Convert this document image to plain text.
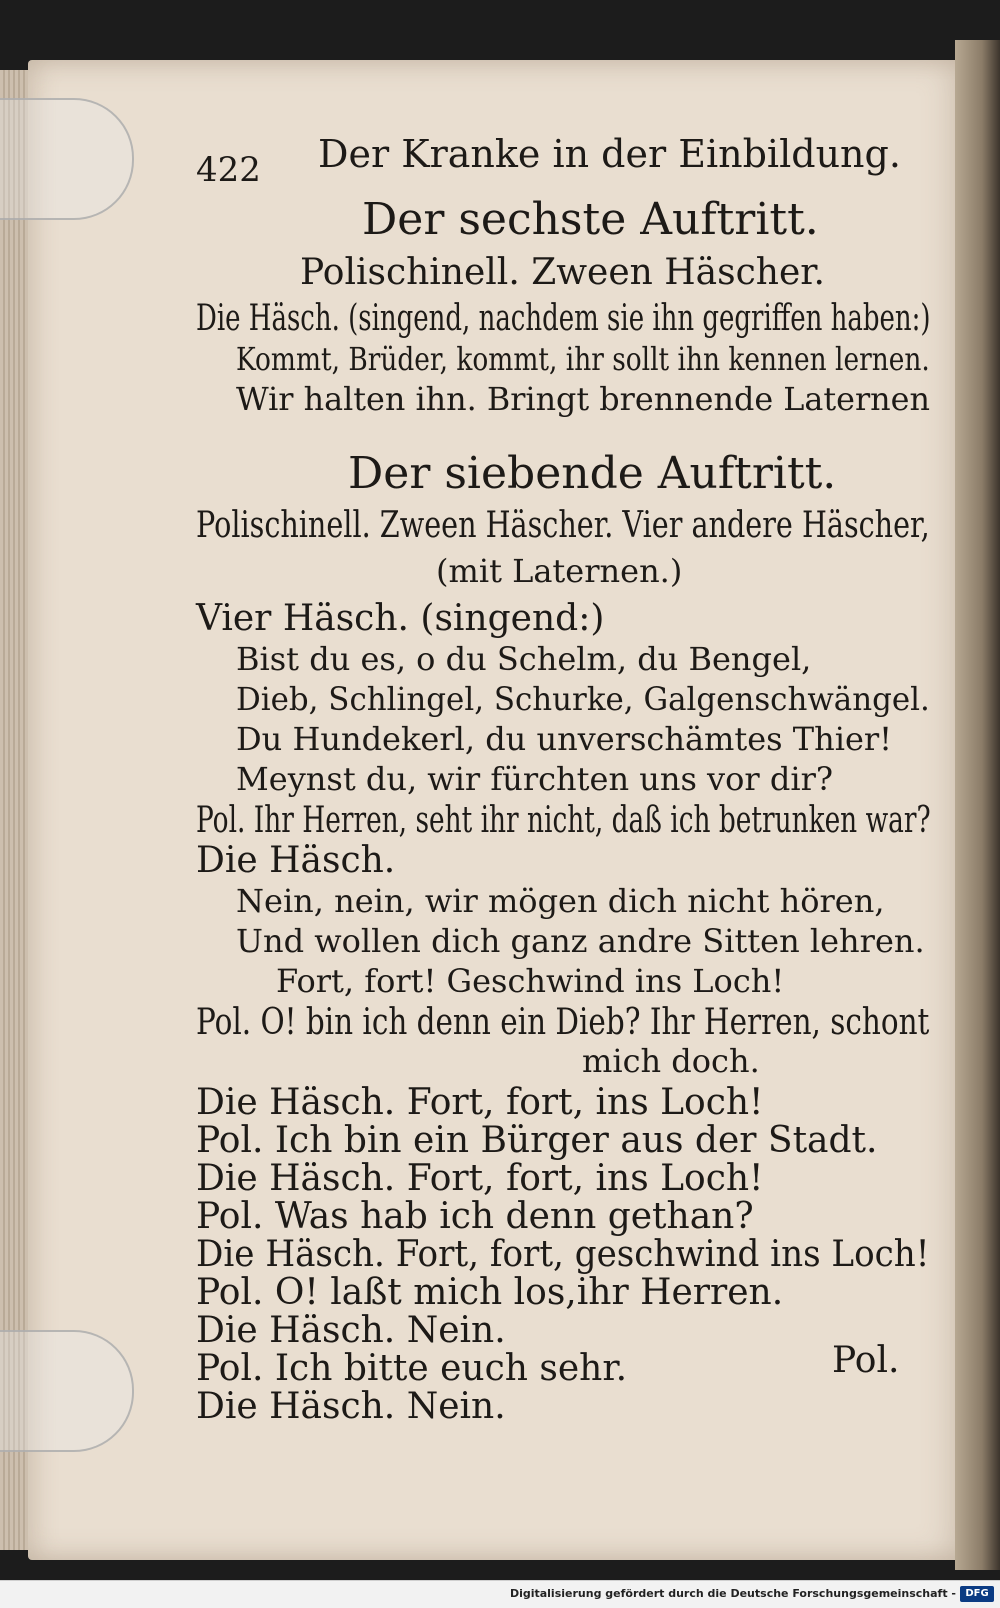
422 Der Kranke in der Einbildung.
Der sechste Auftritt.
Polischinell. Zween Häscher.
Die Häsch. (singend, nachdem sie ihn gegriffen haben:)
Kommt, Brüder, kommt, ihr sollt ihn kennen lernen.
Wir halten ihn. Bringt brennende Laternen
Der siebende Auftritt.
Polischinell. Zween Häscher. Vier andere Häscher,
(mit Laternen.)
Vier Häsch. (singend:)
Bist du es, o du Schelm, du Bengel,
Dieb, Schlingel, Schurke, Galgenschwängel.
Du Hundekerl, du unverschämtes Thier!
Meynst du, wir fürchten uns vor dir?
Pol. Ihr Herren, seht ihr nicht, daß ich betrunken war?
Die Häsch.
Nein, nein, wir mögen dich nicht hören,
Und wollen dich ganz andre Sitten lehren.
Fort, fort! Geschwind ins Loch!
Pol. O! bin ich denn ein Dieb? Ihr Herren, schont
mich doch.
Die Häsch. Fort, fort, ins Loch!
Pol. Ich bin ein Bürger aus der Stadt.
Die Häsch. Fort, fort, ins Loch!
Pol. Was hab ich denn gethan?
Die Häsch. Fort, fort, geschwind ins Loch!
Pol. O! laßt mich los,ihr Herren.
Die Häsch. Nein.
Pol. Ich bitte euch sehr.
Die Häsch. Nein.
Pol.
Digitalisierung gefördert durch die Deutsche Forschungsgemeinschaft - DFG
